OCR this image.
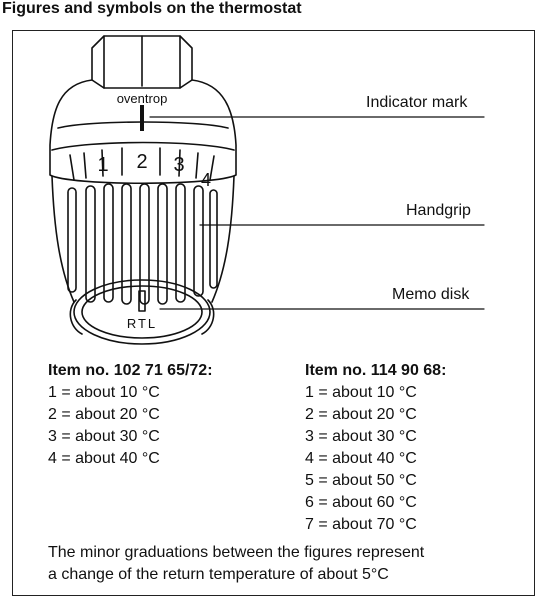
Figures and symbols on the thermostat
oventrop
1 2 3
4
RTL
Indicator mark
Handgrip
Memo disk
Item no. 102 71 65/72:
1 = about 10 °C
2 = about 20 °C
3 = about 30 °C
4 = about 40 °C
Item no. 114 90 68:
1 = about 10 °C
2 = about 20 °C
3 = about 30 °C
4 = about 40 °C
5 = about 50 °C
6 = about 60 °C
7 = about 70 °C
The minor graduations between the figures represent
a change of the return temperature of about 5°C
